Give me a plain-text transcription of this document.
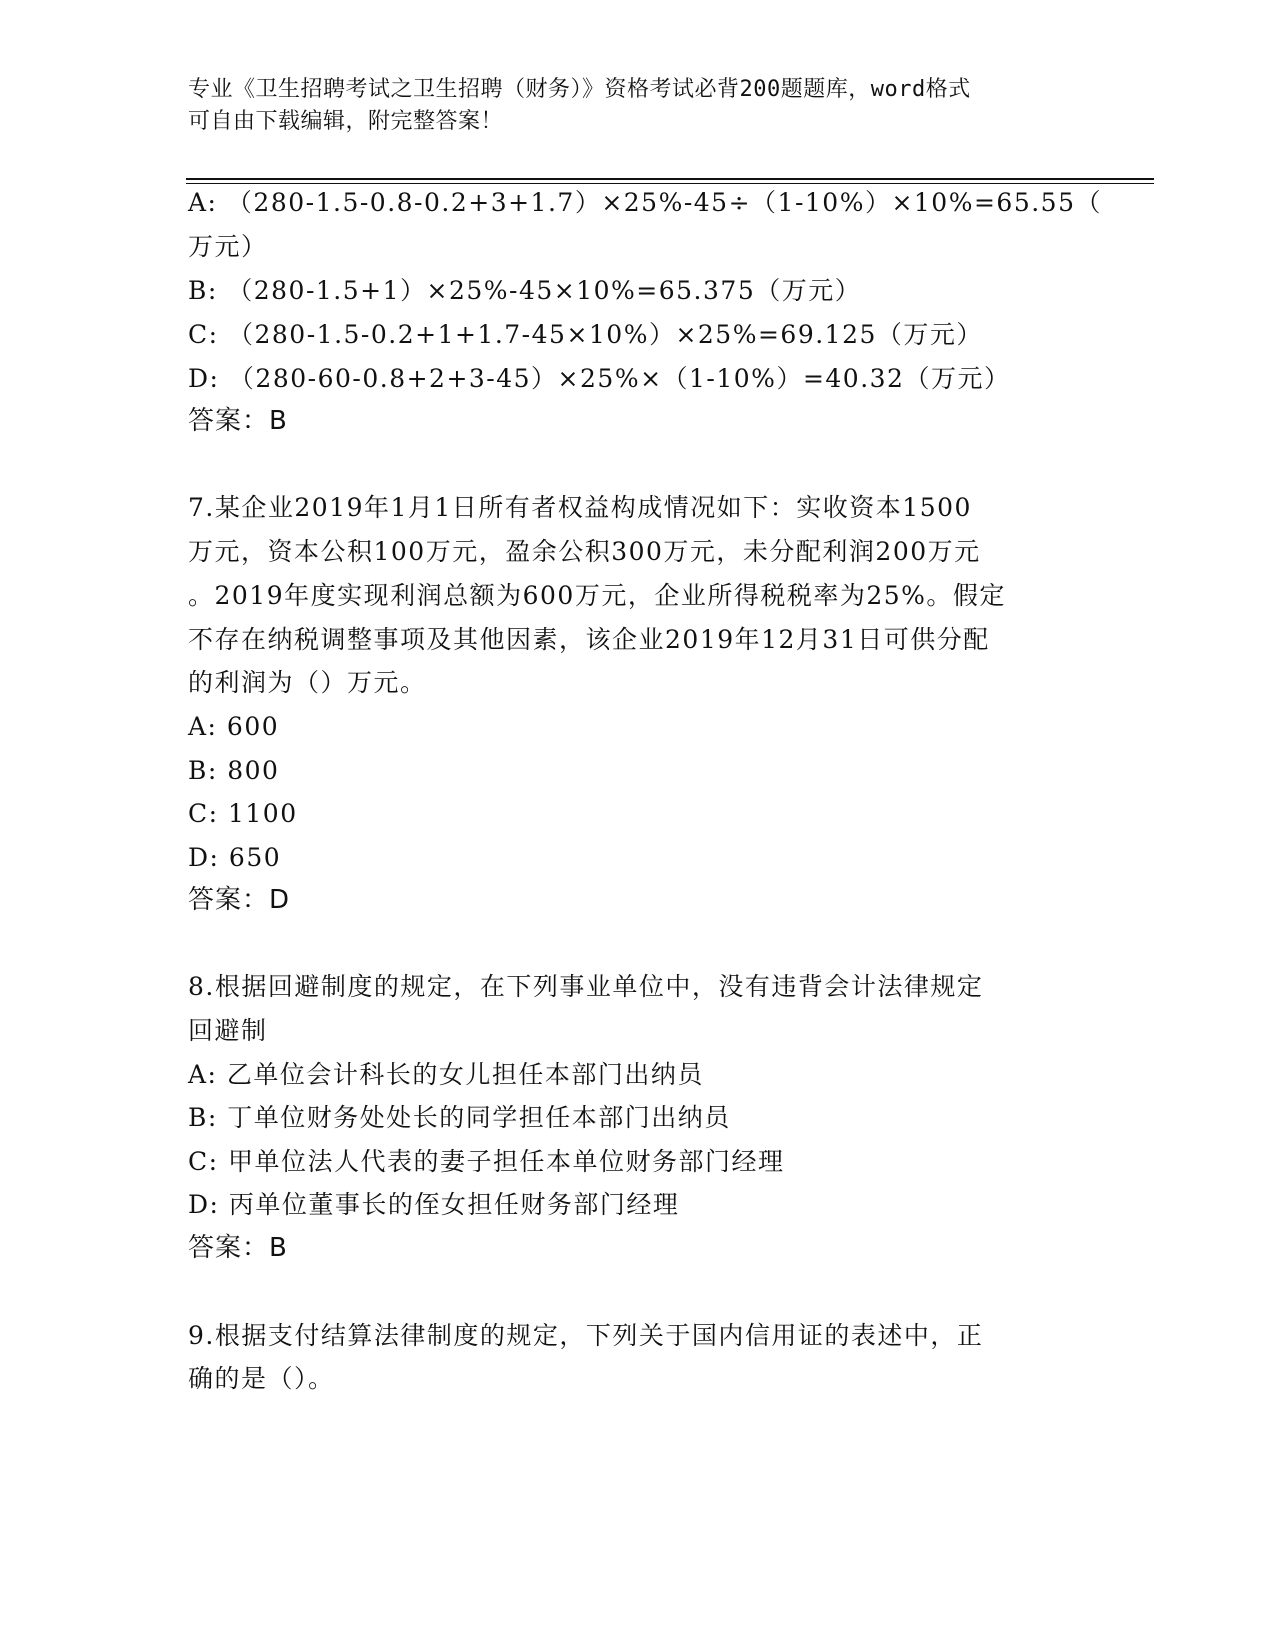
专业《卫生招聘考试之卫生招聘（财务）》资格考试必背200题题库，word格式
可自由下载编辑，附完整答案！
A: （280-1.5-0.8-0.2+3+1.7）×25%-45÷（1-10%）×10%=65.55（
万元）
B: （280-1.5+1）×25%-45×10%=65.375（万元）
C: （280-1.5-0.2+1+1.7-45×10%）×25%=69.125（万元）
D: （280-60-0.8+2+3-45）×25%×（1-10%）=40.32（万元）
答案：B
7.某企业2019年1月1日所有者权益构成情况如下：实收资本1500
万元，资本公积100万元，盈余公积300万元，未分配利润200万元
。2019年度实现利润总额为600万元，企业所得税税率为25%。假定
不存在纳税调整事项及其他因素，该企业2019年12月31日可供分配
的利润为（）万元。
A: 600
B: 800
C: 1100
D: 650
答案：D
8.根据回避制度的规定，在下列事业单位中，没有违背会计法律规定
回避制
A: 乙单位会计科长的女儿担任本部门出纳员
B: 丁单位财务处处长的同学担任本部门出纳员
C: 甲单位法人代表的妻子担任本单位财务部门经理
D: 丙单位董事长的侄女担任财务部门经理
答案：B
9.根据支付结算法律制度的规定，下列关于国内信用证的表述中，正
确的是（）。
